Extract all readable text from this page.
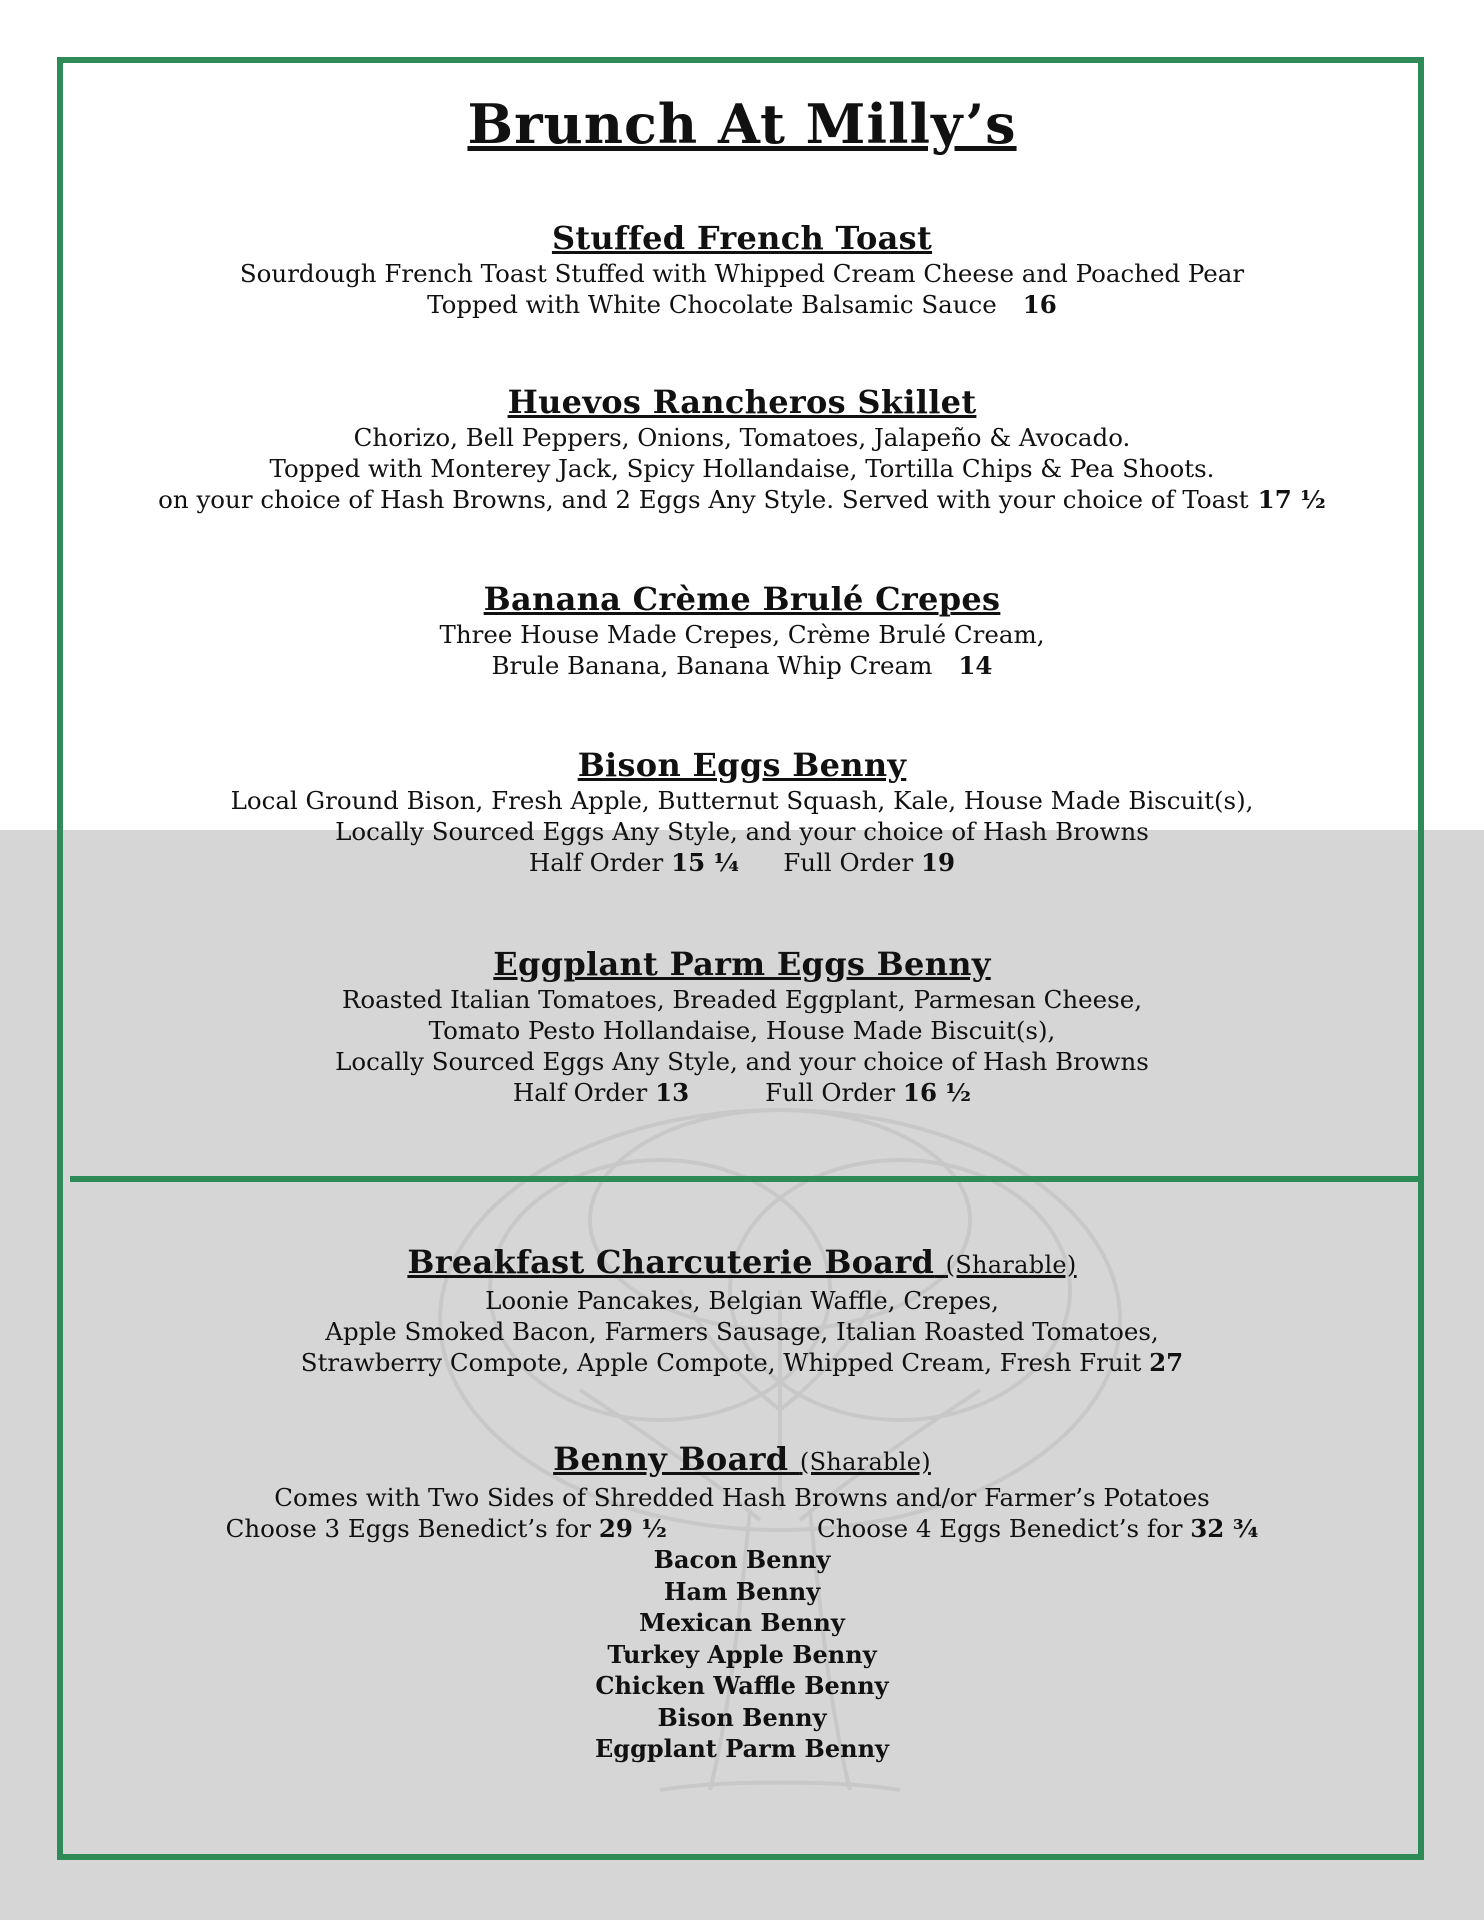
Brunch At Milly’s
Stuffed French Toast
Sourdough French Toast Stuffed with Whipped Cream Cheese and Poached Pear
Topped with White Chocolate Balsamic Sauce 16
Huevos Rancheros Skillet
Chorizo, Bell Peppers, Onions, Tomatoes, Jalapeño & Avocado.
Topped with Monterey Jack, Spicy Hollandaise, Tortilla Chips & Pea Shoots.
on your choice of Hash Browns, and 2 Eggs Any Style. Served with your choice of Toast 17 ½
Banana Crème Brulé Crepes
Three House Made Crepes, Crème Brulé Cream,
Brule Banana, Banana Whip Cream 14
Bison Eggs Benny
Local Ground Bison, Fresh Apple, Butternut Squash, Kale, House Made Biscuit(s),
Locally Sourced Eggs Any Style, and your choice of Hash Browns
Half Order 15 ¼ Full Order 19
Eggplant Parm Eggs Benny
Roasted Italian Tomatoes, Breaded Eggplant, Parmesan Cheese,
Tomato Pesto Hollandaise, House Made Biscuit(s),
Locally Sourced Eggs Any Style, and your choice of Hash Browns
Half Order 13	Full Order 16 ½
Breakfast Charcuterie Board (Sharable)
Loonie Pancakes, Belgian Waffle, Crepes,
Apple Smoked Bacon, Farmers Sausage, Italian Roasted Tomatoes,
Strawberry Compote, Apple Compote, Whipped Cream, Fresh Fruit 27
Benny Board (Sharable)
Comes with Two Sides of Shredded Hash Browns and/or Farmer’s Potatoes
Choose 3 Eggs Benedict’s for 29 ½	Choose 4 Eggs Benedict’s for 32 ¾
Bacon Benny
Ham Benny
Mexican Benny
Turkey Apple Benny
Chicken Waffle Benny
Bison Benny
Eggplant Parm Benny
